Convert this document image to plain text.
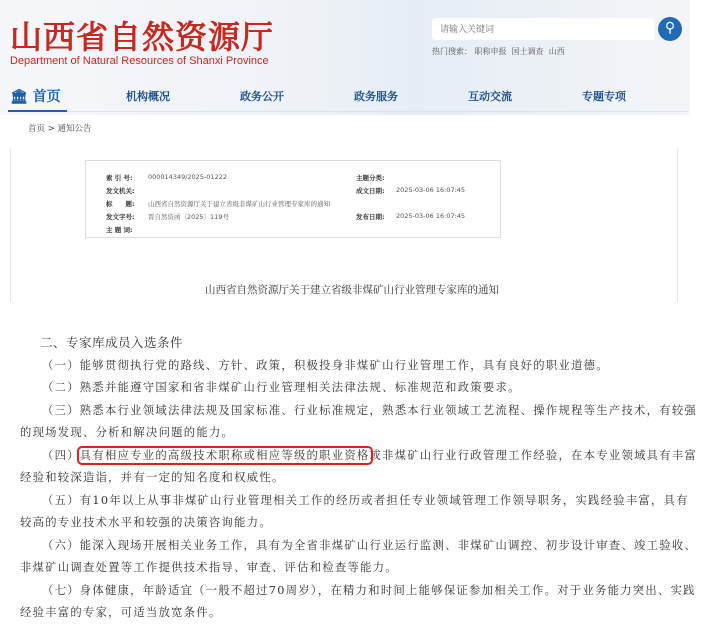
山西省自然资源厅
Department of Natural Resources of Shanxi Province
请输入关键词
⚲
热门搜索： 职称申报 国土调查 山西
🏛 首页	机构概况	政务公开	政务服务	互动交流	专题专项
首页 > 通知公告
索 引 号: 000014349/2025-01222	主题分类:
发文机关:	成文日期: 2025-03-06 16:07:45
标　　题: 山西省自然资源厅关于建立省级非煤矿山行业管理专家库的通知
发文字号: 晋自然资函〔2025〕119号	发布日期: 2025-03-06 16:07:45
主 题 词:
山西省自然资源厅关于建立省级非煤矿山行业管理专家库的通知
二、专家库成员入选条件
（一）能够贯彻执行党的路线、方针、政策，积极投身非煤矿山行业管理工作，具有良好的职业道德。
（二）熟悉并能遵守国家和省非煤矿山行业管理相关法律法规、标准规范和政策要求。
（三）熟悉本行业领域法律法规及国家标准、行业标准规定，熟悉本行业领域工艺流程、操作规程等生产技术，有较强
的现场发现、分析和解决问题的能力。
（四）具有相应专业的高级技术职称或相应等级的职业资格或非煤矿山行业行政管理工作经验，在本专业领域具有丰富
经验和较深造诣，并有一定的知名度和权威性。
（五）有10年以上从事非煤矿山行业管理相关工作的经历或者担任专业领域管理工作领导职务，实践经验丰富，具有
较高的专业技术水平和较强的决策咨询能力。
（六）能深入现场开展相关业务工作，具有为全省非煤矿山行业运行监测、非煤矿山调控、初步设计审查、竣工验收、
非煤矿山调查处置等工作提供技术指导、审查、评估和检查等能力。
（七）身体健康，年龄适宜（一般不超过70周岁），在精力和时间上能够保证参加相关工作。对于业务能力突出、实践
经验丰富的专家，可适当放宽条件。
